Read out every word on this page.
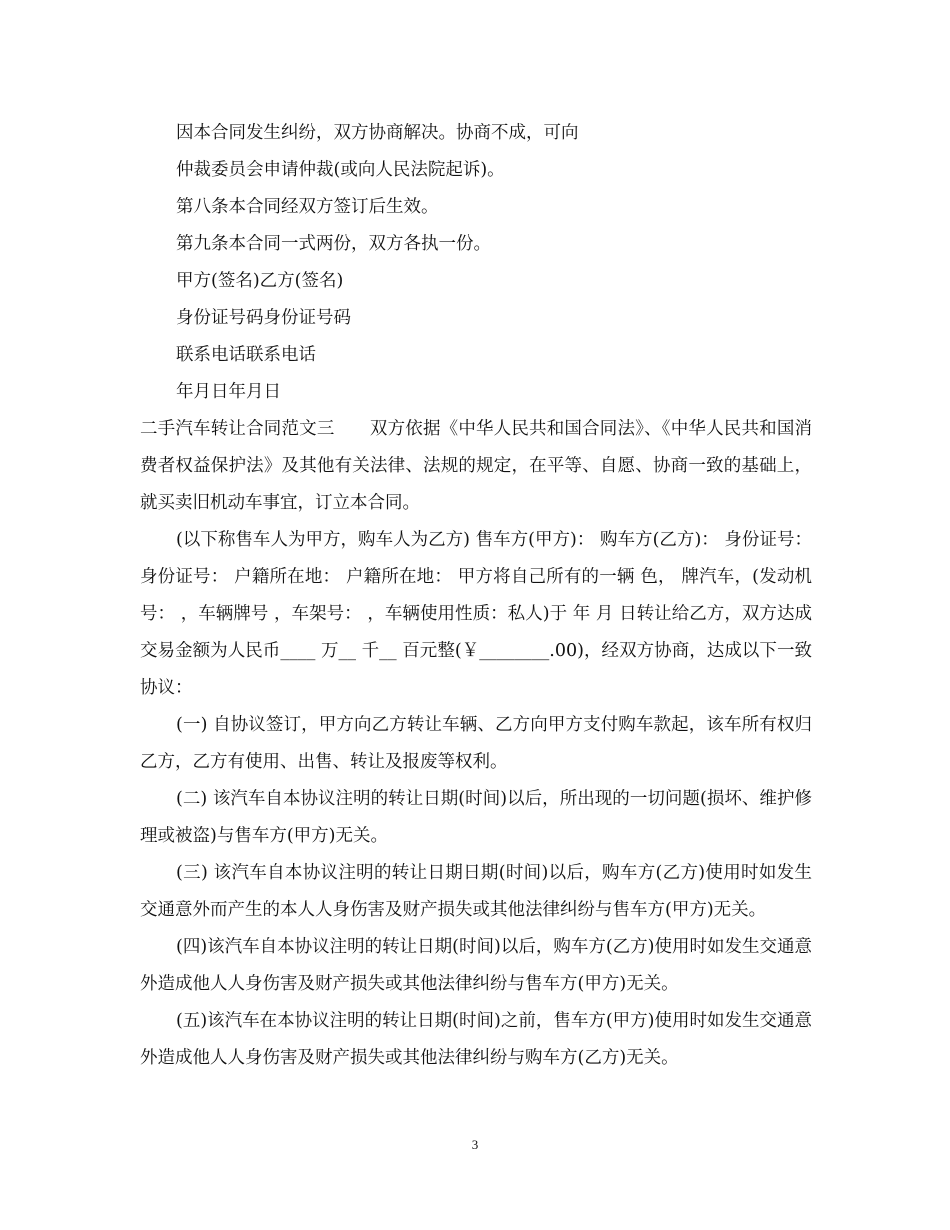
因本合同发生纠纷，双方协商解决。协商不成，可向
仲裁委员会申请仲裁(或向人民法院起诉)。
第八条本合同经双方签订后生效。
第九条本合同一式两份，双方各执一份。
甲方(签名)乙方(签名)
身份证号码身份证号码
联系电话联系电话
年月日年月日
二手汽车转让合同范文三　　双方依据《中华人民共和国合同法》、《中华人民共和国消费者权益保护法》及其他有关法律、法规的规定，在平等、自愿、协商一致的基础上，就买卖旧机动车事宜，订立本合同。
(以下称售车人为甲方，购车人为乙方) 售车方(甲方)： 购车方(乙方)： 身份证号： 身份证号： 户籍所在地： 户籍所在地： 甲方将自己所有的一辆 色， 牌汽车，(发动机号： ，车辆牌号 ，车架号： ，车辆使用性质：私人)于 年 月 日转让给乙方，双方达成交易金额为人民币____ 万__ 千__ 百元整(￥________.00)，经双方协商，达成以下一致协议：
(一) 自协议签订，甲方向乙方转让车辆、乙方向甲方支付购车款起，该车所有权归乙方，乙方有使用、出售、转让及报废等权利。
(二) 该汽车自本协议注明的转让日期(时间)以后，所出现的一切问题(损坏、维护修理或被盗)与售车方(甲方)无关。
(三) 该汽车自本协议注明的转让日期日期(时间)以后，购车方(乙方)使用时如发生交通意外而产生的本人人身伤害及财产损失或其他法律纠纷与售车方(甲方)无关。
(四)该汽车自本协议注明的转让日期(时间)以后，购车方(乙方)使用时如发生交通意外造成他人人身伤害及财产损失或其他法律纠纷与售车方(甲方)无关。
(五)该汽车在本协议注明的转让日期(时间)之前，售车方(甲方)使用时如发生交通意外造成他人人身伤害及财产损失或其他法律纠纷与购车方(乙方)无关。
3
